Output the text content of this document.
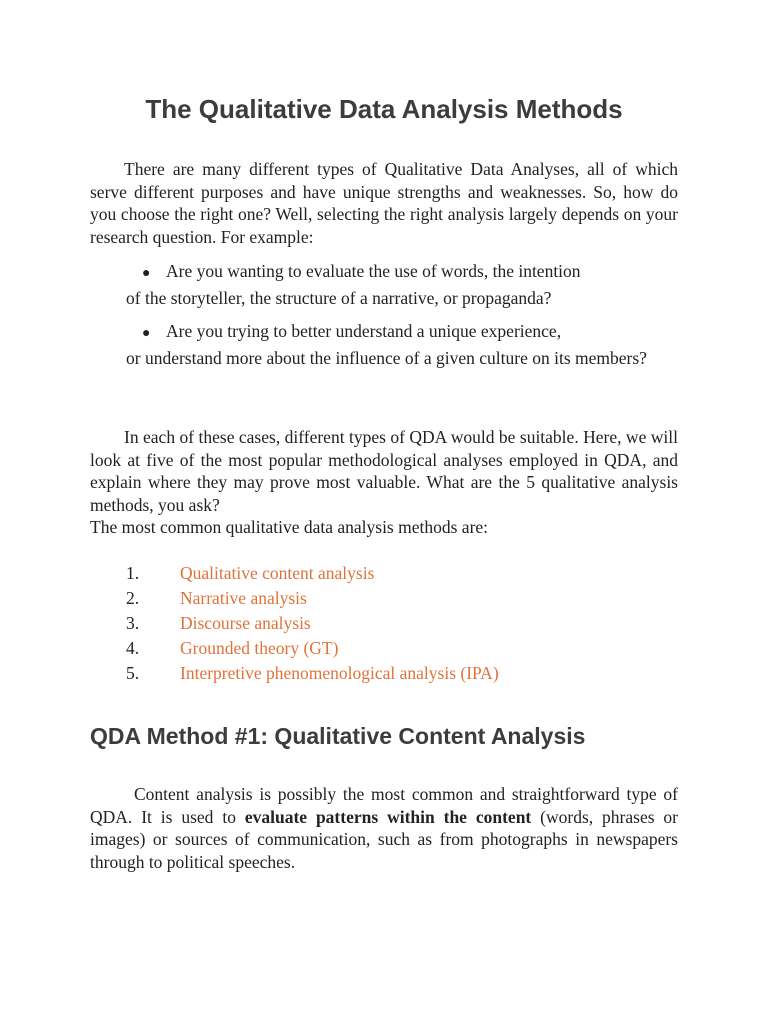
The Qualitative Data Analysis Methods

There are many different types of Qualitative Data Analyses, all of which serve different purposes and have unique strengths and weaknesses. So, how do you choose the right one? Well, selecting the right analysis largely depends on your research question. For example:

● Are you wanting to evaluate the use of words, the intention
of the storyteller, the structure of a narrative, or propaganda?

● Are you trying to better understand a unique experience,
or understand more about the influence of a given culture on its members?

In each of these cases, different types of QDA would be suitable. Here, we will look at five of the most popular methodological analyses employed in QDA, and explain where they may prove most valuable. What are the 5 qualitative analysis methods, you ask?

The most common qualitative data analysis methods are:

1.	Qualitative content analysis
2.	Narrative analysis
3.	Discourse analysis
4.	Grounded theory (GT)
5.	Interpretive phenomenological analysis (IPA)
QDA Method #1: Qualitative Content Analysis

Content analysis is possibly the most common and straightforward type of QDA. It is used to evaluate patterns within the content (words, phrases or images) or sources of communication, such as from photographs in newspapers through to political speeches.
